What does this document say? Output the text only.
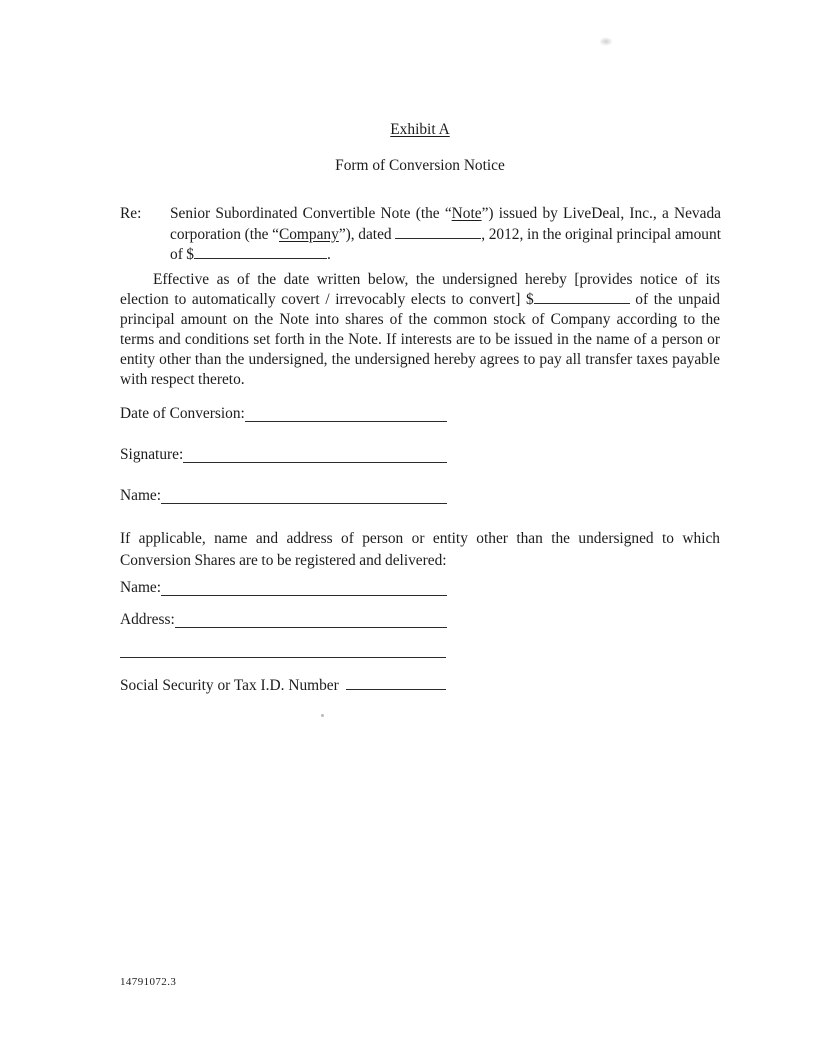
Exhibit A
Form of Conversion Notice
Re: Senior Subordinated Convertible Note (the “Note”) issued by LiveDeal, Inc., a Nevada corporation (the “Company”), dated	, 2012, in the original principal amount of $	.
Effective as of the date written below, the undersigned hereby [provides notice of its election to automatically covert / irrevocably elects to convert] $	of the unpaid principal amount on the Note into shares of the common stock of Company according to the terms and conditions set forth in the Note. If interests are to be issued in the name of a person or entity other than the undersigned, the undersigned hereby agrees to pay all transfer taxes payable with respect thereto.
Date of Conversion:
Signature:
Name:
If applicable, name and address of person or entity other than the undersigned to which Conversion Shares are to be registered and delivered:
Name:
Address:
Social Security or Tax I.D. Number
14791072.3
